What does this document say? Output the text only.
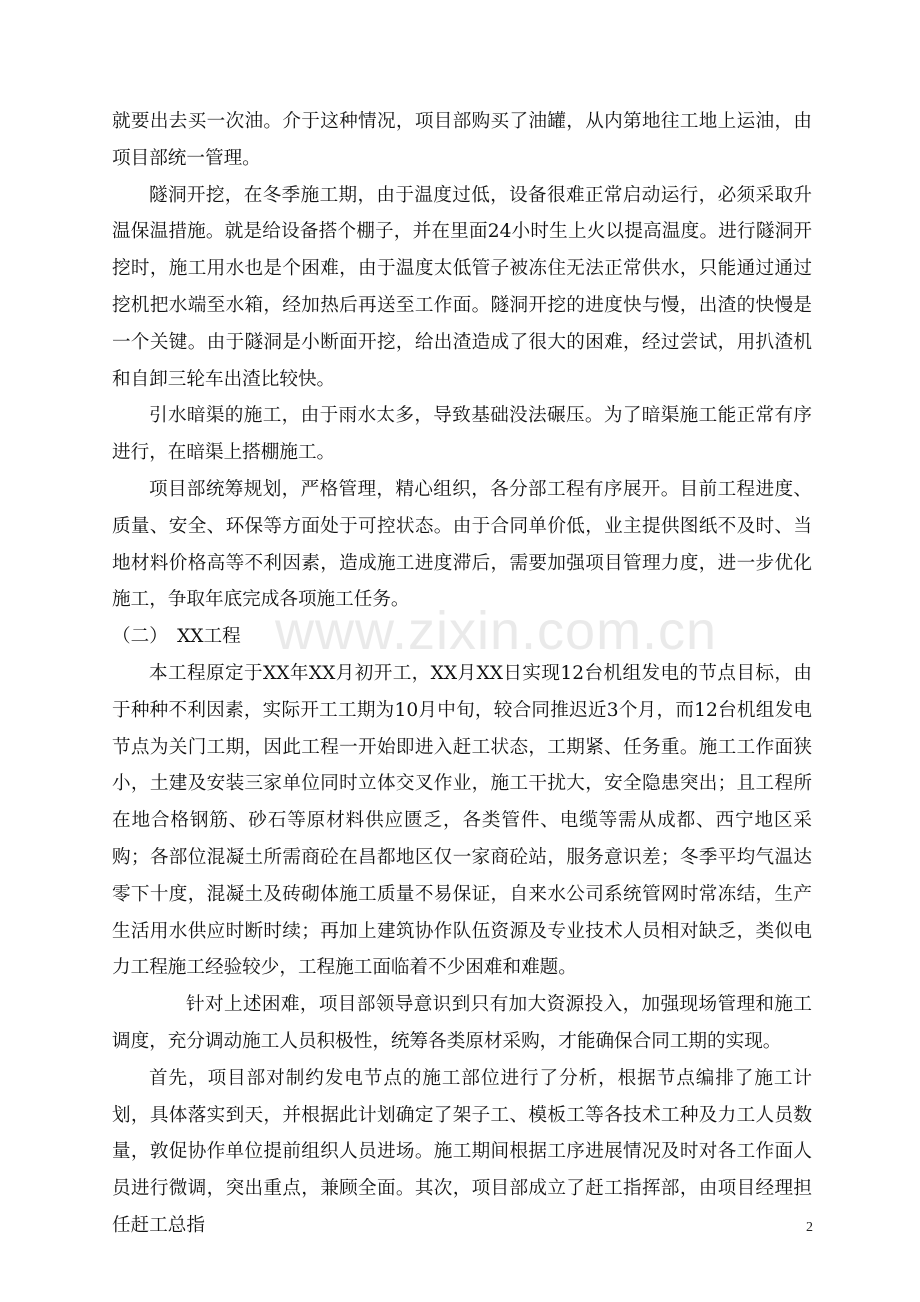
就要出去买一次油。介于这种情况，项目部购买了油罐，从内第地往工地上运油，由项目部统一管理。

隧洞开挖，在冬季施工期，由于温度过低，设备很难正常启动运行，必须采取升温保温措施。就是给设备搭个棚子，并在里面24小时生上火以提高温度。进行隧洞开挖时，施工用水也是个困难，由于温度太低管子被冻住无法正常供水，只能通过通过挖机把水端至水箱，经加热后再送至工作面。隧洞开挖的进度快与慢，出渣的快慢是一个关键。由于隧洞是小断面开挖，给出渣造成了很大的困难，经过尝试，用扒渣机和自卸三轮车出渣比较快。

引水暗渠的施工，由于雨水太多，导致基础没法碾压。为了暗渠施工能正常有序进行，在暗渠上搭棚施工。

项目部统筹规划，严格管理，精心组织，各分部工程有序展开。目前工程进度、质量、安全、环保等方面处于可控状态。由于合同单价低，业主提供图纸不及时、当地材料价格高等不利因素，造成施工进度滞后，需要加强项目管理力度，进一步优化施工，争取年底完成各项施工任务。

（二）　XX工程

本工程原定于XX年XX月初开工，XX月XX日实现12台机组发电的节点目标，由于种种不利因素，实际开工工期为10月中旬，较合同推迟近3个月，而12台机组发电节点为关门工期，因此工程一开始即进入赶工状态，工期紧、任务重。施工工作面狭小，土建及安装三家单位同时立体交叉作业，施工干扰大，安全隐患突出；且工程所在地合格钢筋、砂石等原材料供应匮乏，各类管件、电缆等需从成都、西宁地区采购；各部位混凝土所需商砼在昌都地区仅一家商砼站，服务意识差；冬季平均气温达零下十度，混凝土及砖砌体施工质量不易保证，自来水公司系统管网时常冻结，生产生活用水供应时断时续；再加上建筑协作队伍资源及专业技术人员相对缺乏，类似电力工程施工经验较少，工程施工面临着不少困难和难题。

针对上述困难，项目部领导意识到只有加大资源投入，加强现场管理和施工调度，充分调动施工人员积极性，统筹各类原材采购，才能确保合同工期的实现。

首先，项目部对制约发电节点的施工部位进行了分析，根据节点编排了施工计划，具体落实到天，并根据此计划确定了架子工、模板工等各技术工种及力工人员数量，敦促协作单位提前组织人员进场。施工期间根据工序进展情况及时对各工作面人员进行微调，突出重点，兼顾全面。其次，项目部成立了赶工指挥部，由项目经理担任赶工总指

www.zixin.com.cn
2
